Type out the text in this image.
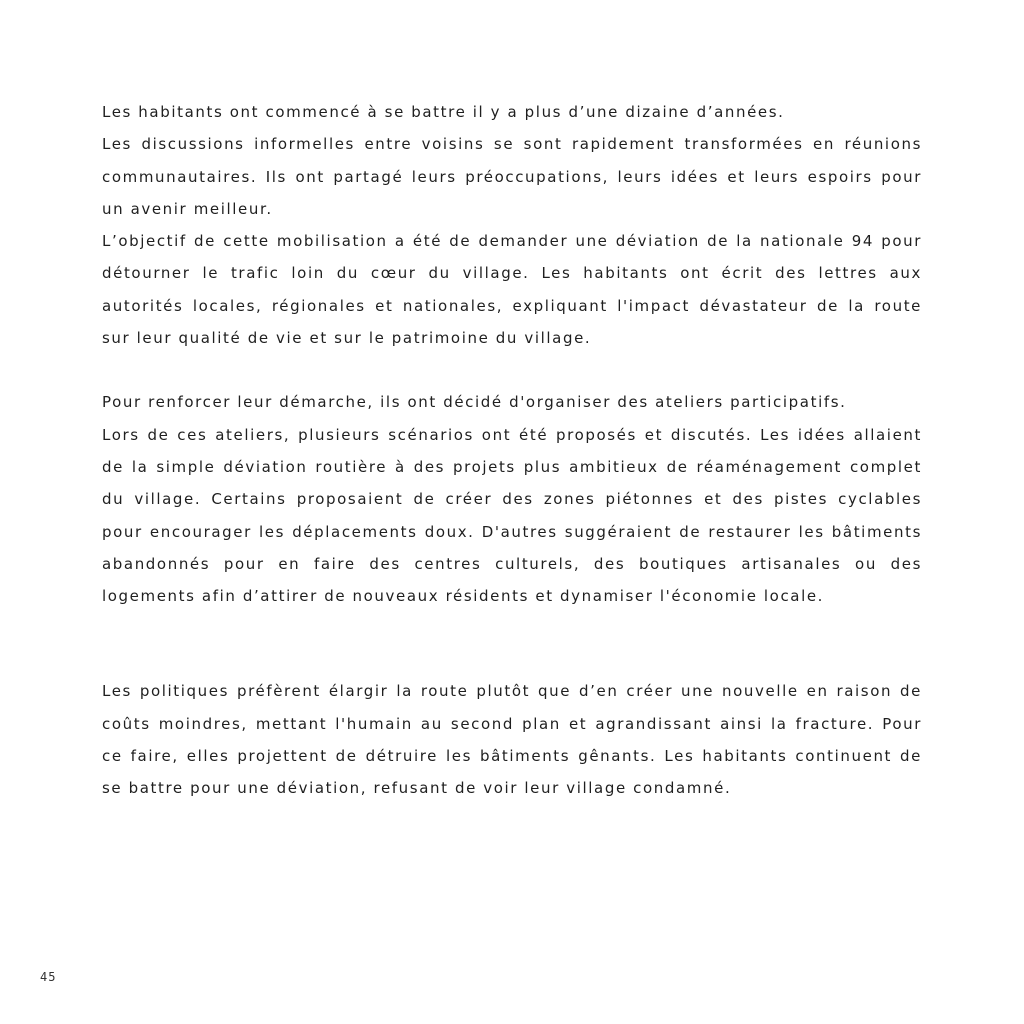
Les habitants ont commencé à se battre il y a plus d’une dizaine d’années.

Les discussions informelles entre voisins se sont rapidement transformées en réunions communautaires. Ils ont partagé leurs préoccupations, leurs idées et leurs espoirs pour un avenir meilleur.

L’objectif de cette mobilisation a été de demander une déviation de la nationale 94 pour détourner le trafic loin du cœur du village. Les habitants ont écrit des lettres aux autorités locales, régionales et nationales, expliquant l'impact dévastateur de la route sur leur qualité de vie et sur le patrimoine du village.

Pour renforcer leur démarche, ils ont décidé d'organiser des ateliers participatifs.

Lors de ces ateliers, plusieurs scénarios ont été proposés et discutés. Les idées allaient de la simple déviation routière à des projets plus ambitieux de réaménagement complet du village. Certains proposaient de créer des zones piétonnes et des pistes cyclables pour encourager les déplacements doux. D'autres suggéraient de restaurer les bâtiments abandonnés pour en faire des centres culturels, des boutiques artisanales ou des logements afin d’attirer de nouveaux résidents et dynamiser l'économie locale.

Les politiques préfèrent élargir la route plutôt que d’en créer une nouvelle en raison de coûts moindres, mettant l'humain au second plan et agrandissant ainsi la fracture. Pour ce faire, elles projettent de détruire les bâtiments gênants. Les habitants continuent de se battre pour une déviation, refusant de voir leur village condamné.

45
